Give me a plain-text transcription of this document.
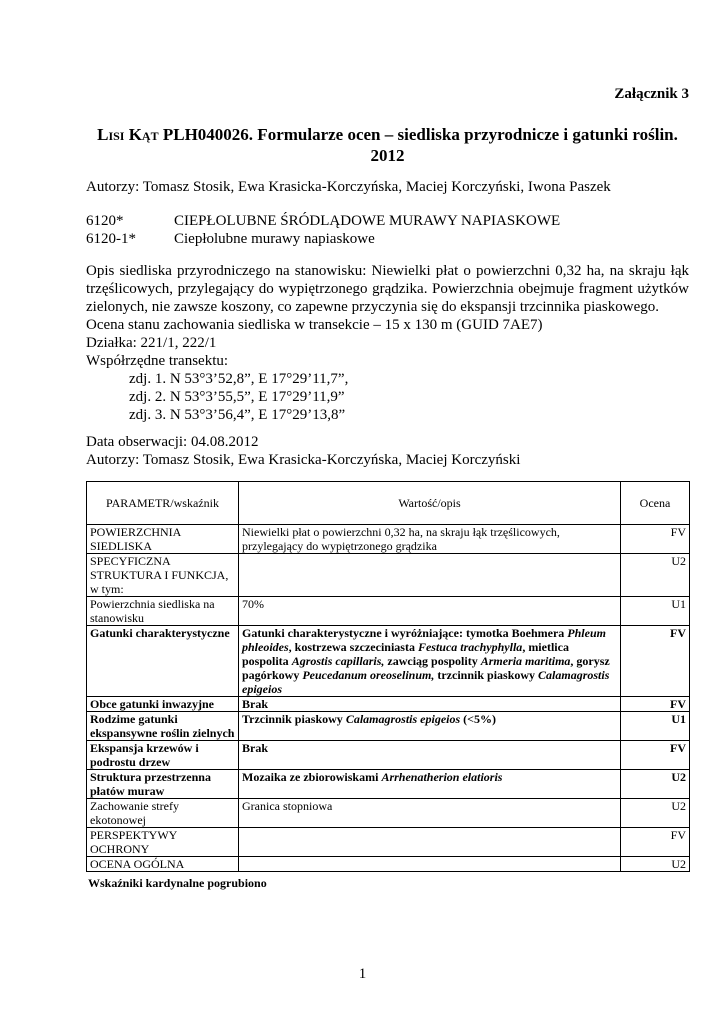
Załącznik 3
Lisi Kąt PLH040026. Formularze ocen – siedliska przyrodnicze i gatunki roślin.
2012
Autorzy: Tomasz Stosik, Ewa Krasicka-Korczyńska, Maciej Korczyński, Iwona Paszek
6120*	CIEPŁOLUBNE ŚRÓDLĄDOWE MURAWY NAPIASKOWE
6120-1*	Ciepłolubne murawy napiaskowe
Opis siedliska przyrodniczego na stanowisku: Niewielki płat o powierzchni 0,32 ha, na skraju łąk trzęślicowych, przylegający do wypiętrzonego grądzika. Powierzchnia obejmuje fragment użytków zielonych, nie zawsze koszony, co zapewne przyczynia się do ekspansji trzcinnika piaskowego.
Ocena stanu zachowania siedliska w transekcie – 15 x 130 m (GUID 7AE7)
Działka: 221/1, 222/1
Współrzędne transektu:
zdj. 1. N 53°3’52,8”, E 17°29’11,7”,
zdj. 2. N 53°3’55,5”, E 17°29’11,9”
zdj. 3. N 53°3’56,4”, E 17°29’13,8”
Data obserwacji: 04.08.2012
Autorzy: Tomasz Stosik, Ewa Krasicka-Korczyńska, Maciej Korczyński
PARAMETR/wskaźnik	Wartość/opis	Ocena
POWIERZCHNIA SIEDLISKA	Niewielki płat o powierzchni 0,32 ha, na skraju łąk trzęślicowych, przylegający do wypiętrzonego grądzika	FV
SPECYFICZNA STRUKTURA I FUNKCJA, w tym:		U2
Powierzchnia siedliska na stanowisku	70%	U1
Gatunki charakterystyczne	Gatunki charakterystyczne i wyróżniające: tymotka Boehmera Phleum phleoides, kostrzewa szczeciniasta Festuca trachyphylla, mietlica pospolita Agrostis capillaris, zawciąg pospolity Armeria maritima, gorysz pagórkowy Peucedanum oreoselinum, trzcinnik piaskowy Calamagrostis epigeios	FV
Obce gatunki inwazyjne	Brak	FV
Rodzime gatunki ekspansywne roślin zielnych	Trzcinnik piaskowy Calamagrostis epigeios (<5%)	U1
Ekspansja krzewów i podrostu drzew	Brak	FV
Struktura przestrzenna płatów muraw	Mozaika ze zbiorowiskami Arrhenatherion elatioris	U2
Zachowanie strefy ekotonowej	Granica stopniowa	U2
PERSPEKTYWY OCHRONY		FV
OCENA OGÓLNA		U2
Wskaźniki kardynalne pogrubiono
1
